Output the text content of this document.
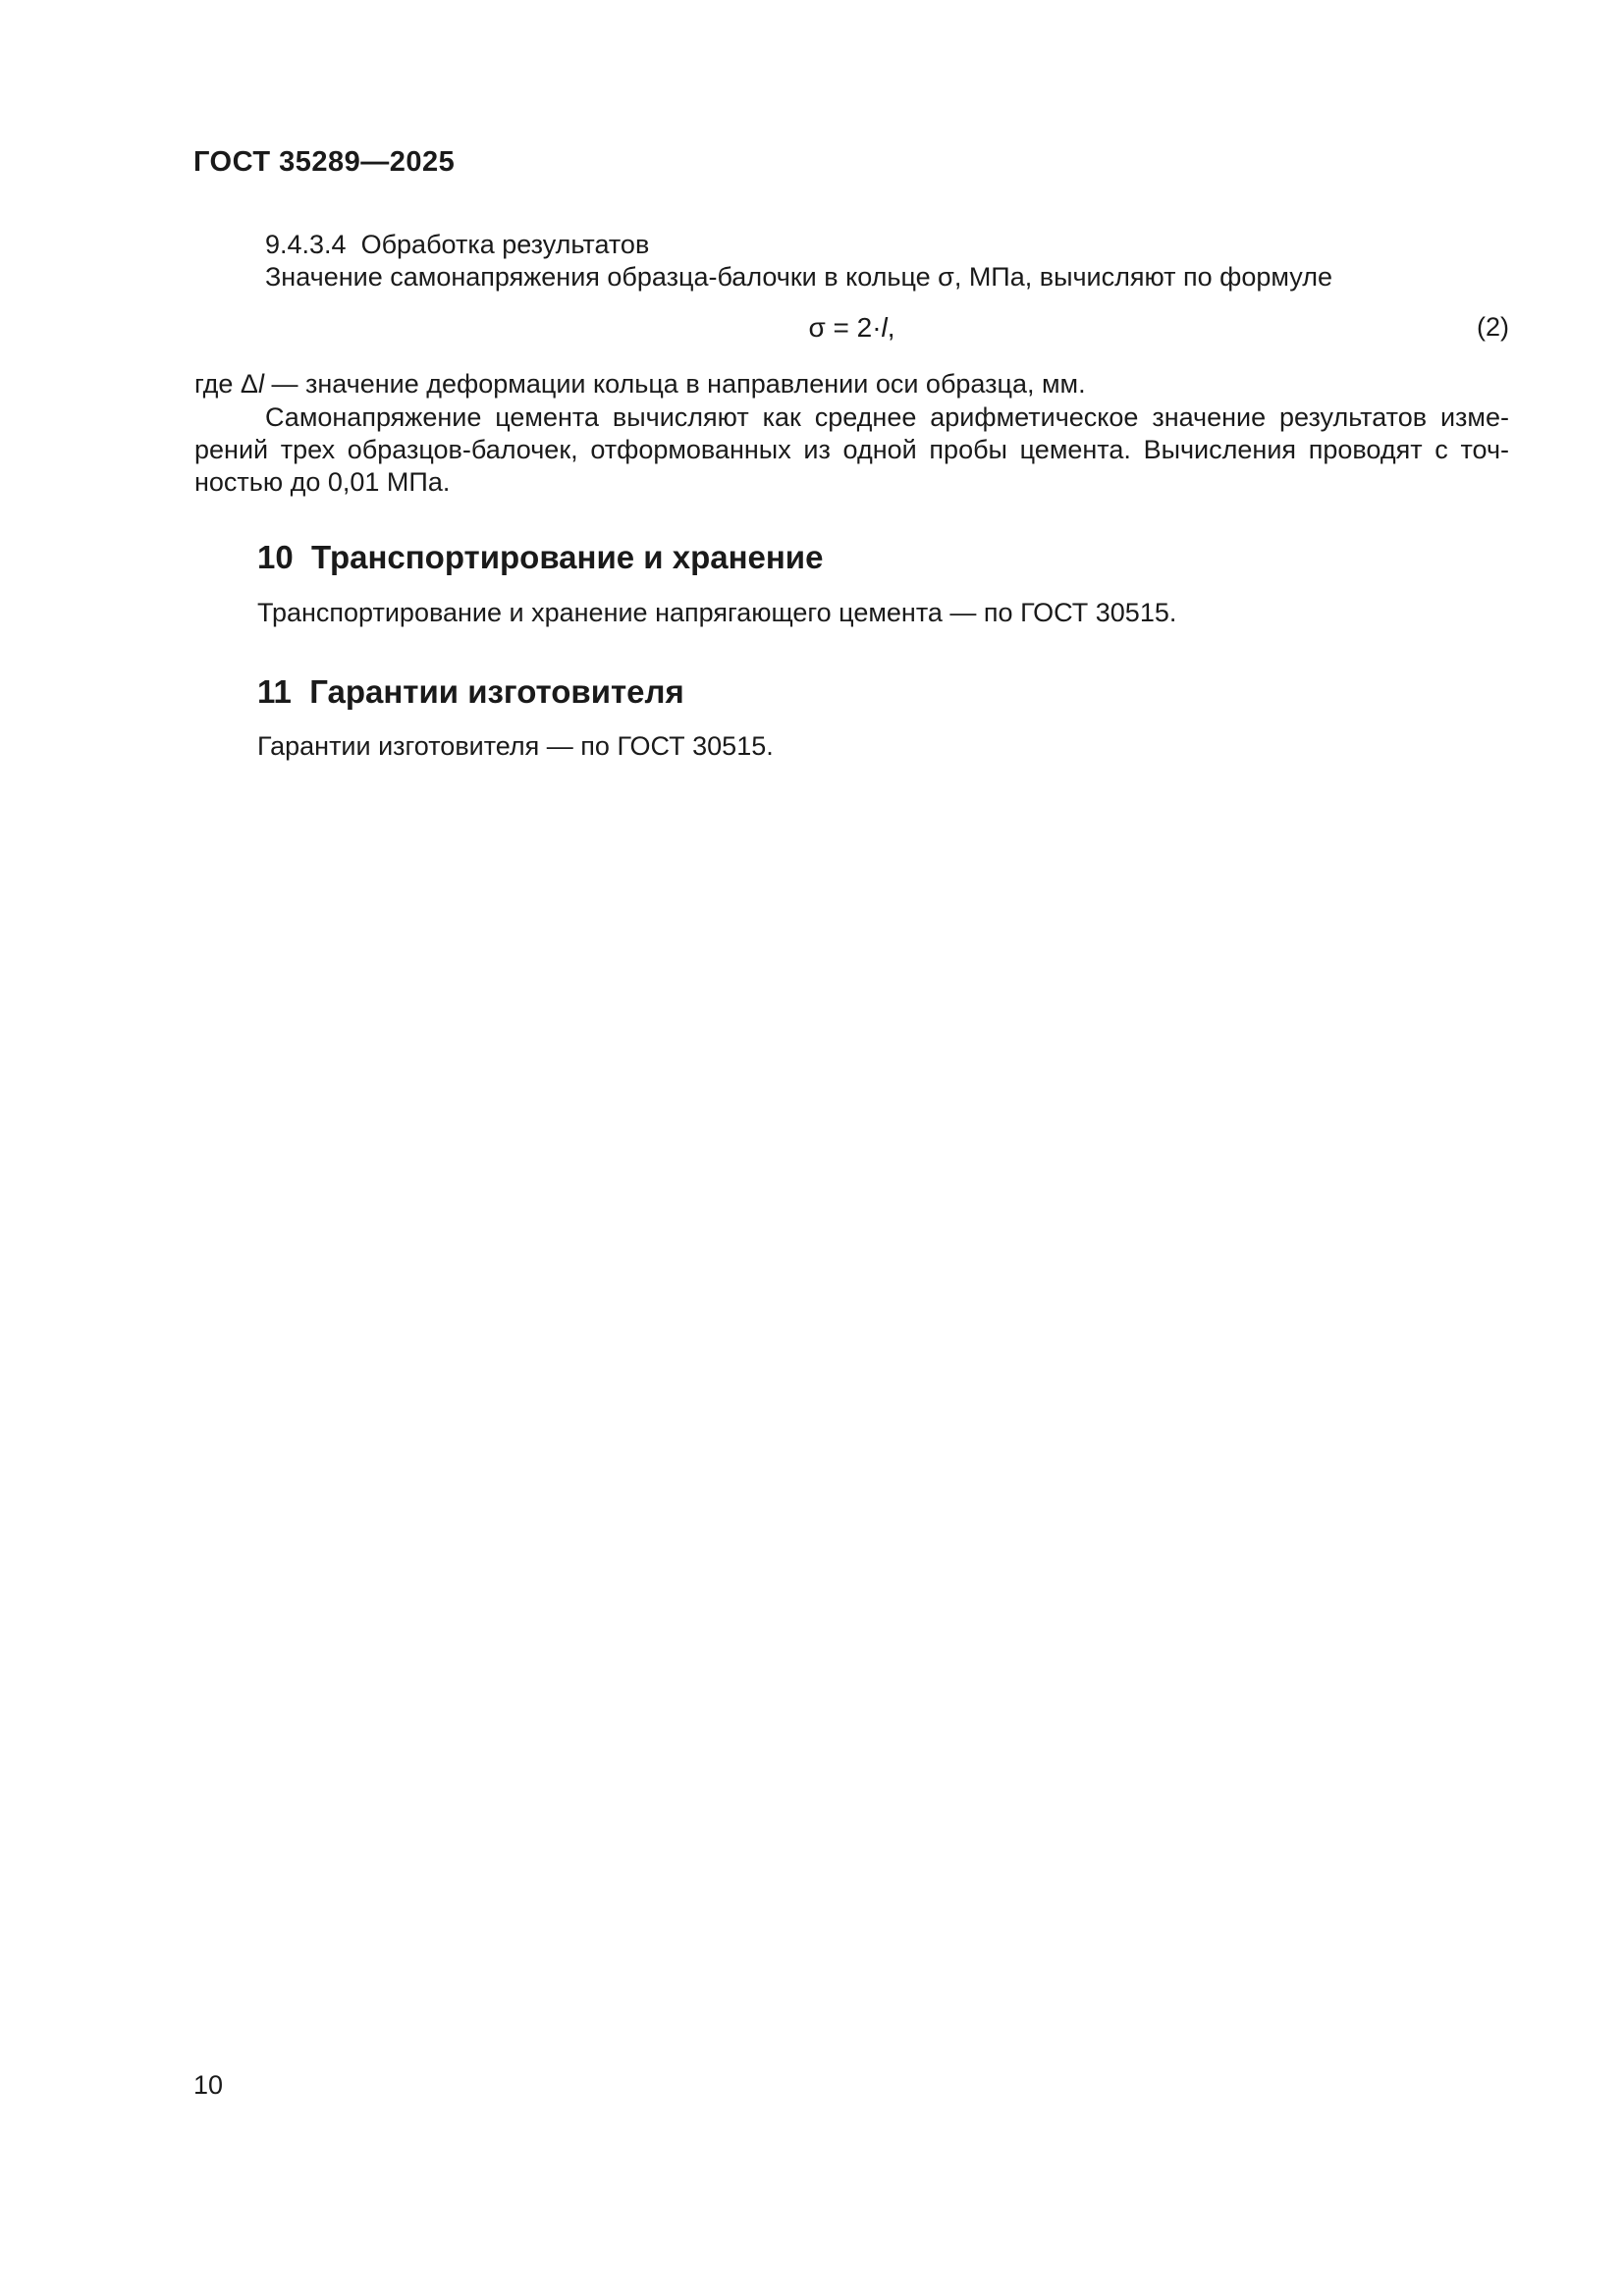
ГОСТ 35289—2025
9.4.3.4  Обработка результатов
Значение самонапряжения образца-балочки в кольце σ, МПа, вычисляют по формуле
σ = 2·l,	(2)
где Δl — значение деформации кольца в направлении оси образца, мм.
Самонапряжение цемента вычисляют как среднее арифметическое значение результатов изме-
рений трех образцов-балочек, отформованных из одной пробы цемента. Вычисления проводят с точ-
ностью до 0,01 МПа.
10  Транспортирование и хранение
Транспортирование и хранение напрягающего цемента — по ГОСТ 30515.
11  Гарантии изготовителя
Гарантии изготовителя — по ГОСТ 30515.
10
